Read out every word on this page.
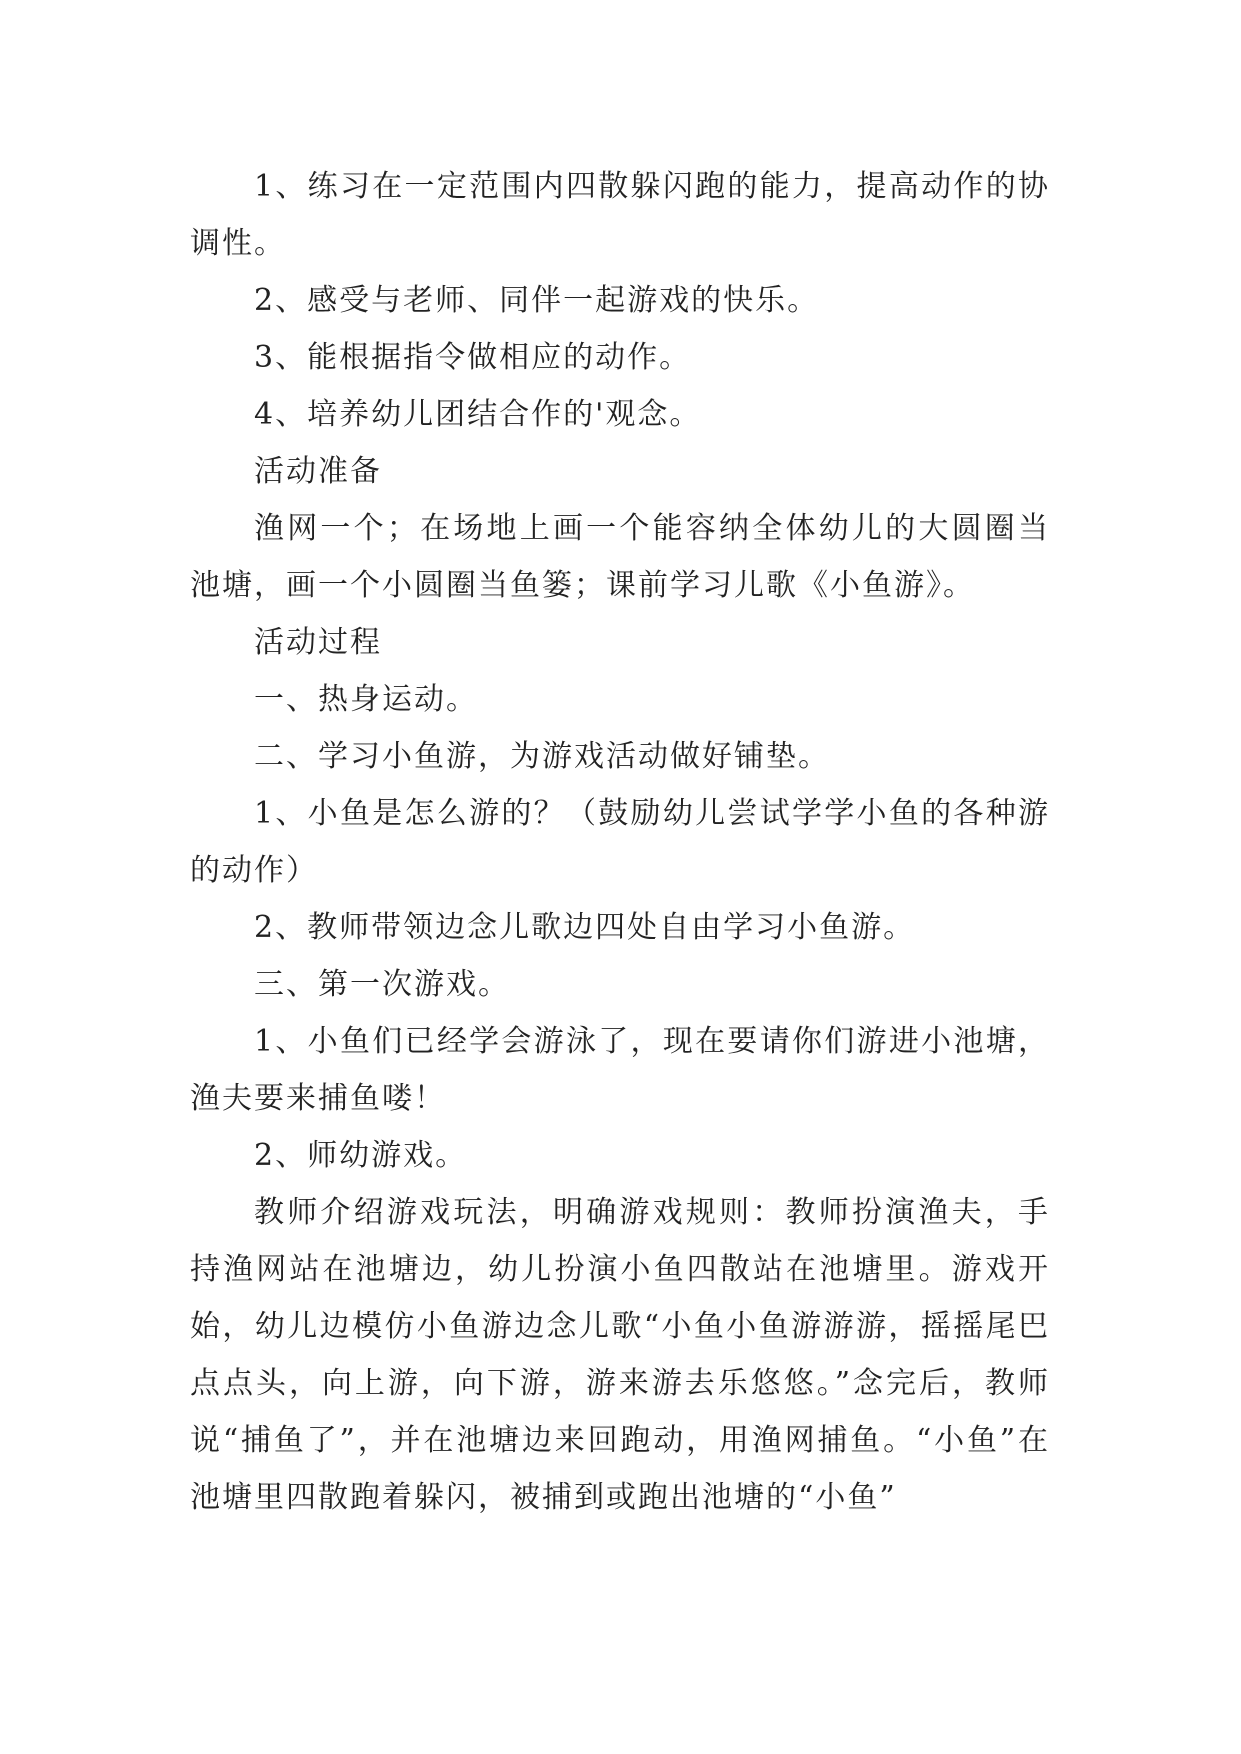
1、练习在一定范围内四散躲闪跑的能力，提高动作的协调性。

2、感受与老师、同伴一起游戏的快乐。

3、能根据指令做相应的动作。

4、培养幼儿团结合作的'观念。

活动准备

渔网一个；在场地上画一个能容纳全体幼儿的大圆圈当池塘，画一个小圆圈当鱼篓；课前学习儿歌《小鱼游》。

活动过程

一、热身运动。

二、学习小鱼游，为游戏活动做好铺垫。

1、小鱼是怎么游的？（鼓励幼儿尝试学学小鱼的各种游的动作）

2、教师带领边念儿歌边四处自由学习小鱼游。

三、第一次游戏。

1、小鱼们已经学会游泳了，现在要请你们游进小池塘，渔夫要来捕鱼喽！

2、师幼游戏。

教师介绍游戏玩法，明确游戏规则：教师扮演渔夫，手持渔网站在池塘边，幼儿扮演小鱼四散站在池塘里。游戏开始，幼儿边模仿小鱼游边念儿歌“小鱼小鱼游游游，摇摇尾巴点点头，向上游，向下游，游来游去乐悠悠。”念完后，教师说“捕鱼了”，并在池塘边来回跑动，用渔网捕鱼。“小鱼”在池塘里四散跑着躲闪，被捕到或跑出池塘的“小鱼”
